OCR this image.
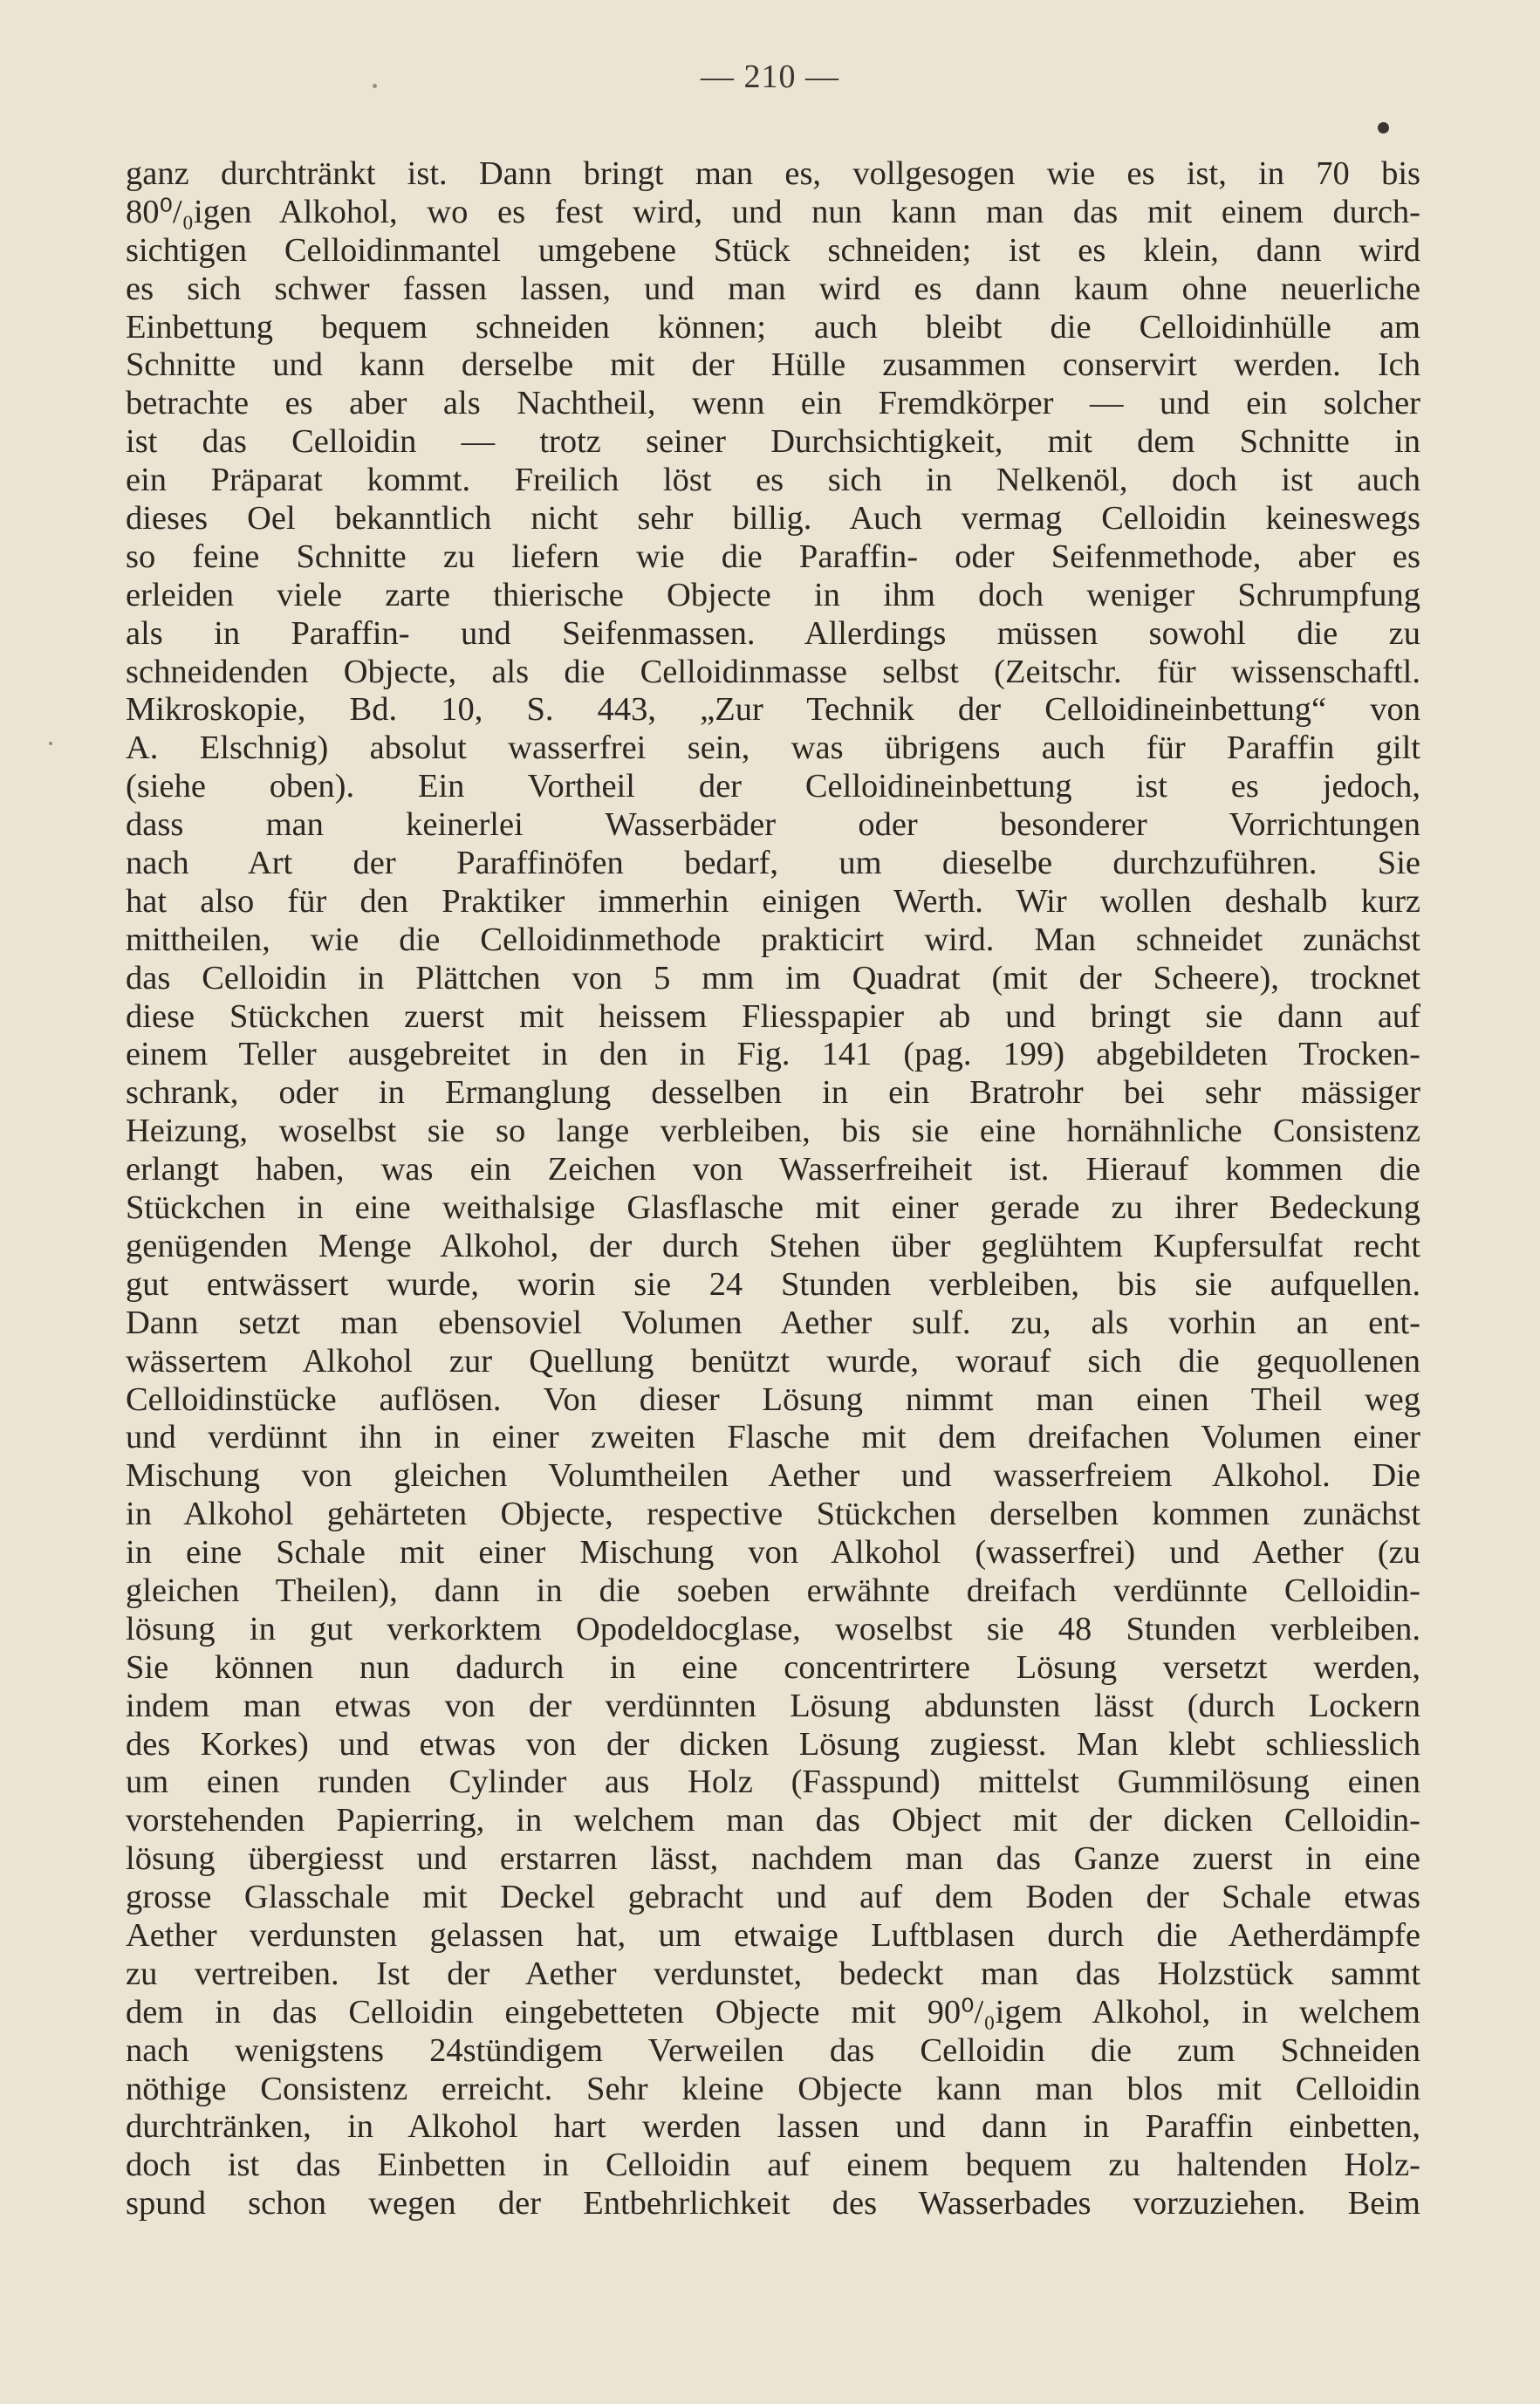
— 210 —
ganz durchtränkt ist. Dann bringt man es, vollgesogen wie es ist, in 70 bis
80⁰/₀igen Alkohol, wo es fest wird, und nun kann man das mit einem durch-
sichtigen Celloidinmantel umgebene Stück schneiden; ist es klein, dann wird
es sich schwer fassen lassen, und man wird es dann kaum ohne neuerliche
Einbettung bequem schneiden können; auch bleibt die Celloidinhülle am
Schnitte und kann derselbe mit der Hülle zusammen conservirt werden. Ich
betrachte es aber als Nachtheil, wenn ein Fremdkörper — und ein solcher
ist das Celloidin — trotz seiner Durchsichtigkeit, mit dem Schnitte in
ein Präparat kommt. Freilich löst es sich in Nelkenöl, doch ist auch
dieses Oel bekanntlich nicht sehr billig. Auch vermag Celloidin keineswegs
so feine Schnitte zu liefern wie die Paraffin- oder Seifenmethode, aber es
erleiden viele zarte thierische Objecte in ihm doch weniger Schrumpfung
als in Paraffin- und Seifenmassen. Allerdings müssen sowohl die zu
schneidenden Objecte, als die Celloidinmasse selbst (Zeitschr. für wissenschaftl.
Mikroskopie, Bd. 10, S. 443, „Zur Technik der Celloidineinbettung“ von
A. Elschnig) absolut wasserfrei sein, was übrigens auch für Paraffin gilt
(siehe oben). Ein Vortheil der Celloidineinbettung ist es jedoch,
dass man keinerlei Wasserbäder oder besonderer Vorrichtungen
nach Art der Paraffinöfen bedarf, um dieselbe durchzuführen. Sie
hat also für den Praktiker immerhin einigen Werth. Wir wollen deshalb kurz
mittheilen, wie die Celloidinmethode prakticirt wird. Man schneidet zunächst
das Celloidin in Plättchen von 5 mm im Quadrat (mit der Scheere), trocknet
diese Stückchen zuerst mit heissem Fliesspapier ab und bringt sie dann auf
einem Teller ausgebreitet in den in Fig. 141 (pag. 199) abgebildeten Trocken-
schrank, oder in Ermanglung desselben in ein Bratrohr bei sehr mässiger
Heizung, woselbst sie so lange verbleiben, bis sie eine hornähnliche Consistenz
erlangt haben, was ein Zeichen von Wasserfreiheit ist. Hierauf kommen die
Stückchen in eine weithalsige Glasflasche mit einer gerade zu ihrer Bedeckung
genügenden Menge Alkohol, der durch Stehen über geglühtem Kupfersulfat recht
gut entwässert wurde, worin sie 24 Stunden verbleiben, bis sie aufquellen.
Dann setzt man ebensoviel Volumen Aether sulf. zu, als vorhin an ent-
wässertem Alkohol zur Quellung benützt wurde, worauf sich die gequollenen
Celloidinstücke auflösen. Von dieser Lösung nimmt man einen Theil weg
und verdünnt ihn in einer zweiten Flasche mit dem dreifachen Volumen einer
Mischung von gleichen Volumtheilen Aether und wasserfreiem Alkohol. Die
in Alkohol gehärteten Objecte, respective Stückchen derselben kommen zunächst
in eine Schale mit einer Mischung von Alkohol (wasserfrei) und Aether (zu
gleichen Theilen), dann in die soeben erwähnte dreifach verdünnte Celloidin-
lösung in gut verkorktem Opodeldocglase, woselbst sie 48 Stunden verbleiben.
Sie können nun dadurch in eine concentrirtere Lösung versetzt werden,
indem man etwas von der verdünnten Lösung abdunsten lässt (durch Lockern
des Korkes) und etwas von der dicken Lösung zugiesst. Man klebt schliesslich
um einen runden Cylinder aus Holz (Fasspund) mittelst Gummilösung einen
vorstehenden Papierring, in welchem man das Object mit der dicken Celloidin-
lösung übergiesst und erstarren lässt, nachdem man das Ganze zuerst in eine
grosse Glasschale mit Deckel gebracht und auf dem Boden der Schale etwas
Aether verdunsten gelassen hat, um etwaige Luftblasen durch die Aetherdämpfe
zu vertreiben. Ist der Aether verdunstet, bedeckt man das Holzstück sammt
dem in das Celloidin eingebetteten Objecte mit 90⁰/₀igem Alkohol, in welchem
nach wenigstens 24stündigem Verweilen das Celloidin die zum Schneiden
nöthige Consistenz erreicht. Sehr kleine Objecte kann man blos mit Celloidin
durchtränken, in Alkohol hart werden lassen und dann in Paraffin einbetten,
doch ist das Einbetten in Celloidin auf einem bequem zu haltenden Holz-
spund schon wegen der Entbehrlichkeit des Wasserbades vorzuziehen. Beim
